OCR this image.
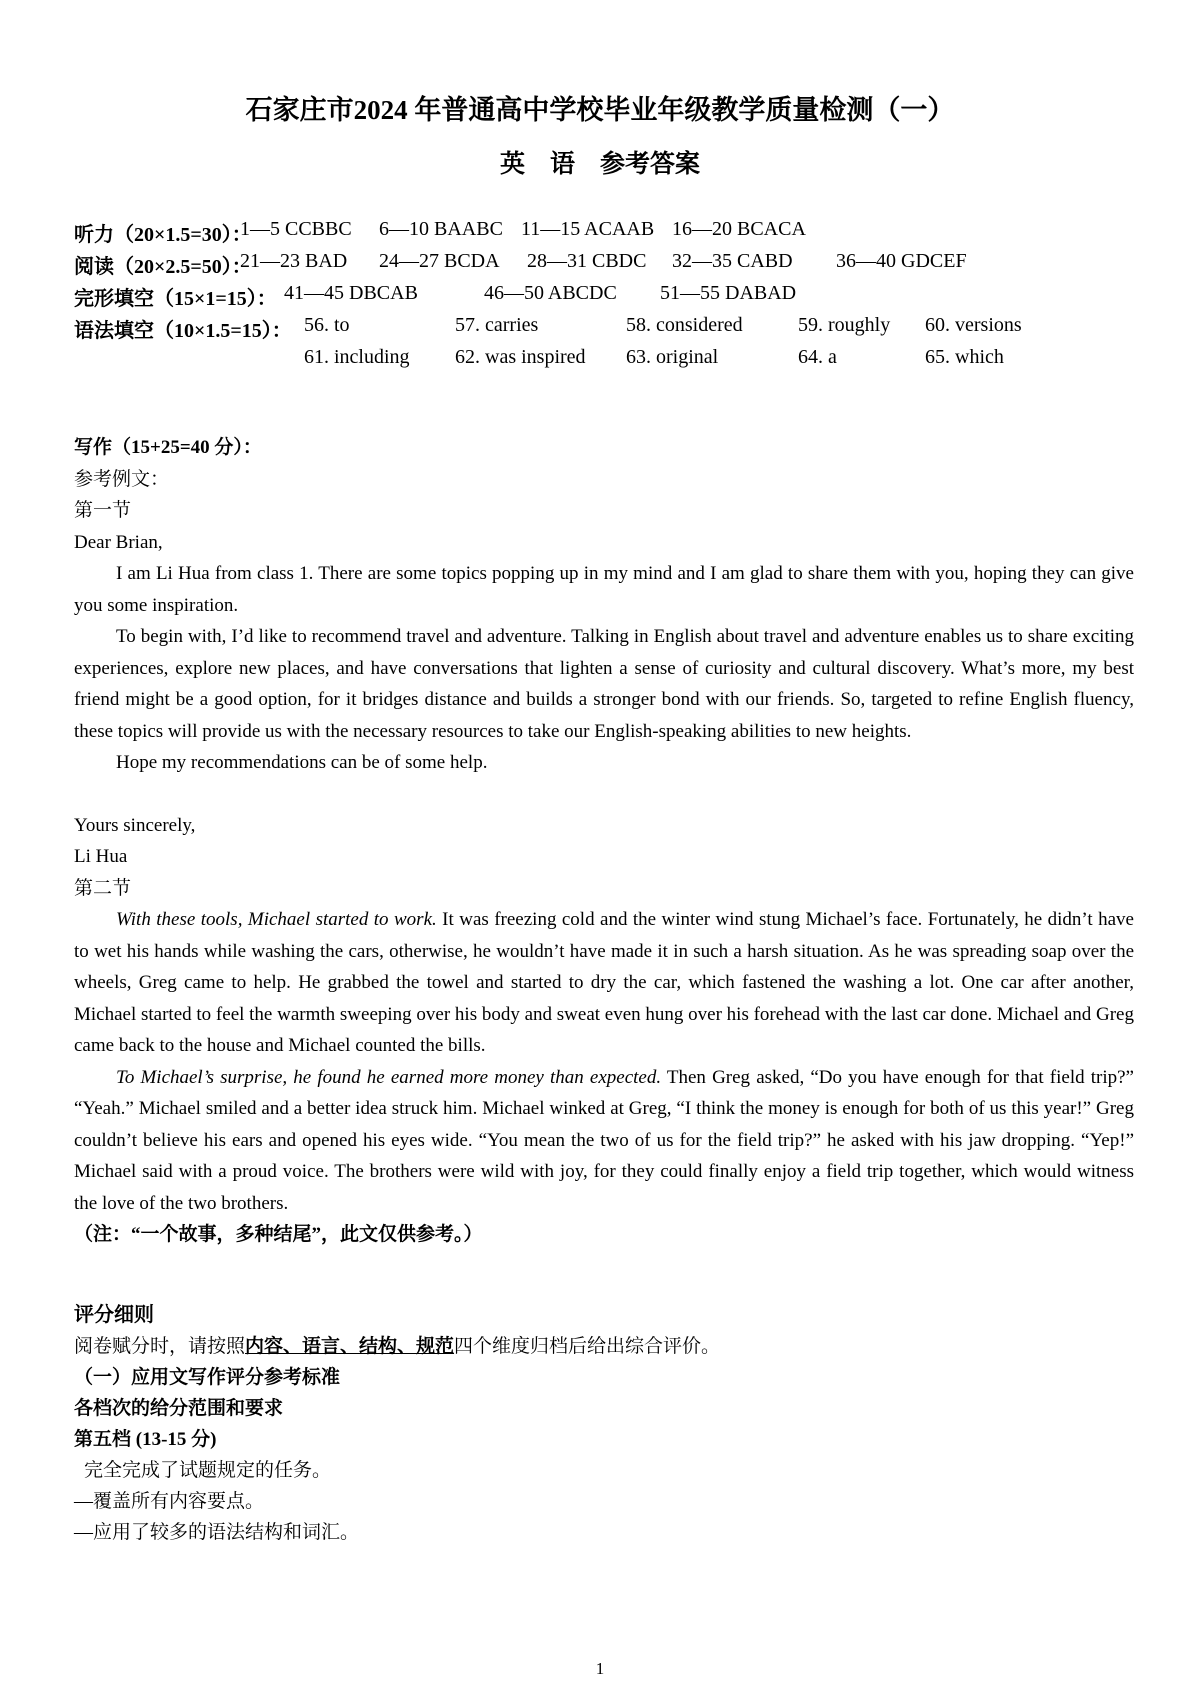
石家庄市2024 年普通高中学校毕业年级教学质量检测（一）
英　语　参考答案
听力（20×1.5=30）：
1—5 CCBBC 6—10 BAABC 11—15 ACAAB 16—20 BCACA
阅读（20×2.5=50）：
21—23 BAD 24—27 BCDA 28—31 CBDC 32—35 CABD 36—40 GDCEF
完形填空（15×1=15）： 41—45 DBCAB	46—50 ABCDC 51—55 DABAD
语法填空（10×1.5=15）： 56. to	57. carries	58. considered	59. roughly 60. versions
61. including 62. was inspired 63. original	64. a	65. which

写作（15+25=40 分）：

参考例文：

第一节

Dear Brian,

I am Li Hua from class 1. There are some topics popping up in my mind and I am glad to share them with you, hoping they can give you some inspiration.

To begin with, I’d like to recommend travel and adventure. Talking in English about travel and adventure enables us to share exciting experiences, explore new places, and have conversations that lighten a sense of curiosity and cultural discovery. What’s more, my best friend might be a good option, for it bridges distance and builds a stronger bond with our friends. So, targeted to refine English fluency, these topics will provide us with the necessary resources to take our English-speaking abilities to new heights.

Hope my recommendations can be of some help.

Yours sincerely,

Li Hua

第二节

With these tools, Michael started to work. It was freezing cold and the winter wind stung Michael’s face. Fortunately, he didn’t have to wet his hands while washing the cars, otherwise, he wouldn’t have made it in such a harsh situation. As he was spreading soap over the wheels, Greg came to help. He grabbed the towel and started to dry the car, which fastened the washing a lot. One car after another, Michael started to feel the warmth sweeping over his body and sweat even hung over his forehead with the last car done. Michael and Greg came back to the house and Michael counted the bills.

To Michael’s surprise, he found he earned more money than expected. Then Greg asked, “Do you have enough for that field trip?” “Yeah.” Michael smiled and a better idea struck him. Michael winked at Greg, “I think the money is enough for both of us this year!” Greg couldn’t believe his ears and opened his eyes wide. “You mean the two of us for the field trip?” he asked with his jaw dropping. “Yep!” Michael said with a proud voice. The brothers were wild with joy, for they could finally enjoy a field trip together, which would witness the love of the two brothers.

（注：“一个故事，多种结尾”，此文仅供参考。）

评分细则

阅卷赋分时，请按照内容、语言、结构、规范四个维度归档后给出综合评价。

（一）应用文写作评分参考标准

各档次的给分范围和要求

第五档 (13-15 分)

完全完成了试题规定的任务。

—覆盖所有内容要点。

—应用了较多的语法结构和词汇。

1
